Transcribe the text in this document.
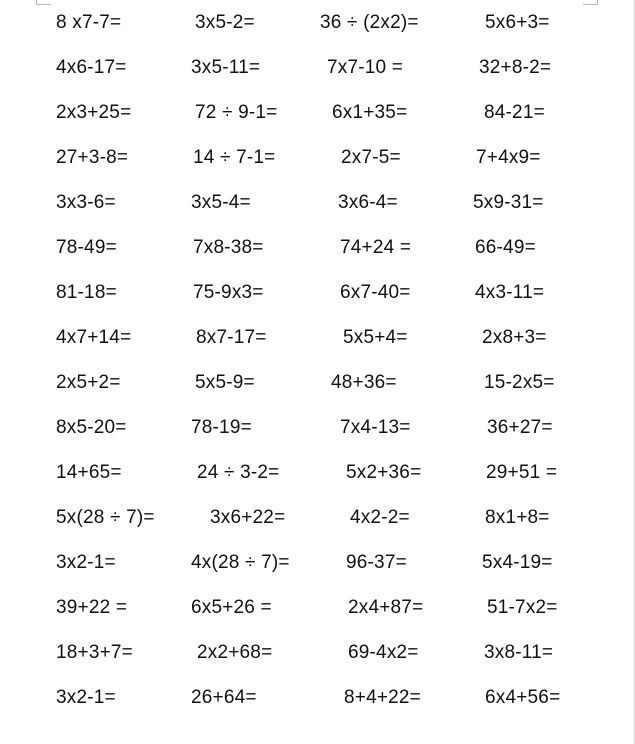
8 x7-7=	3x5-2=	36 ÷ (2x2)=	5x6+3=
4x6-17=	3x5-11=	7x7-10 =	32+8-2=
2x3+25=	72 ÷ 9-1=	6x1+35=	84-21=
27+3-8=	14 ÷ 7-1=	2x7-5=	7+4x9=
3x3-6=	3x5-4=	3x6-4=	5x9-31=
78-49=	7x8-38=	74+24 =	66-49=
81-18=	75-9x3=	6x7-40=	4x3-11=
4x7+14=	8x7-17=	5x5+4=	2x8+3=
2x5+2=	5x5-9=	48+36=	15-2x5=
8x5-20=	78-19=	7x4-13=	36+27=
14+65=	24 ÷ 3-2=	5x2+36=	29+51 =
5x(28 ÷ 7)=	3x6+22=	4x2-2=	8x1+8=
3x2-1=	4x(28 ÷ 7)=	96-37=	5x4-19=
39+22 =	6x5+26 =	2x4+87=	51-7x2=
18+3+7=	2x2+68=	69-4x2=	3x8-11=
3x2-1=	26+64=	8+4+22=	6x4+56=
